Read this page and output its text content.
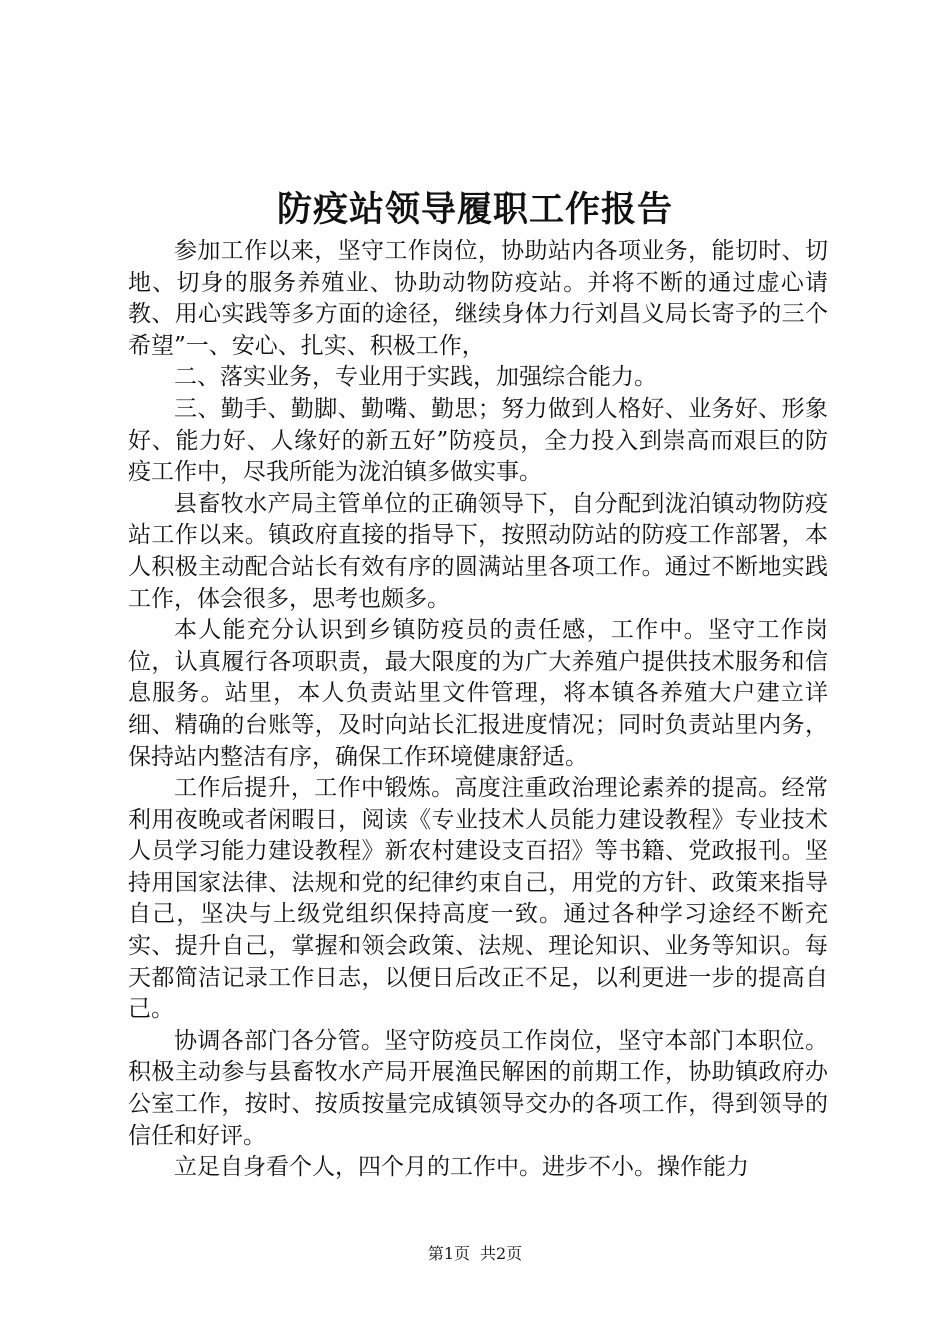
防疫站领导履职工作报告

参加工作以来，坚守工作岗位，协助站内各项业务，能切时、切地、切身的服务养殖业、协助动物防疫站。并将不断的通过虚心请教、用心实践等多方面的途径，继续身体力行刘昌义局长寄予的三个希望”一、安心、扎实、积极工作，

二、落实业务，专业用于实践，加强综合能力。

三、勤手、勤脚、勤嘴、勤思；努力做到人格好、业务好、形象好、能力好、人缘好的新五好”防疫员，全力投入到崇高而艰巨的防疫工作中，尽我所能为泷泊镇多做实事。

县畜牧水产局主管单位的正确领导下，自分配到泷泊镇动物防疫站工作以来。镇政府直接的指导下，按照动防站的防疫工作部署，本人积极主动配合站长有效有序的圆满站里各项工作。通过不断地实践工作，体会很多，思考也颇多。

本人能充分认识到乡镇防疫员的责任感，工作中。坚守工作岗位，认真履行各项职责，最大限度的为广大养殖户提供技术服务和信息服务。站里，本人负责站里文件管理，将本镇各养殖大户建立详细、精确的台账等，及时向站长汇报进度情况；同时负责站里内务，保持站内整洁有序，确保工作环境健康舒适。

工作后提升，工作中锻炼。高度注重政治理论素养的提高。经常利用夜晚或者闲暇日，阅读《专业技术人员能力建设教程》专业技术人员学习能力建设教程》新农村建设支百招》等书籍、党政报刊。坚持用国家法律、法规和党的纪律约束自己，用党的方针、政策来指导自己，坚决与上级党组织保持高度一致。通过各种学习途经不断充实、提升自己，掌握和领会政策、法规、理论知识、业务等知识。每天都简洁记录工作日志，以便日后改正不足，以利更进一步的提高自己。

协调各部门各分管。坚守防疫员工作岗位，坚守本部门本职位。积极主动参与县畜牧水产局开展渔民解困的前期工作，协助镇政府办公室工作，按时、按质按量完成镇领导交办的各项工作，得到领导的信任和好评。

立足自身看个人，四个月的工作中。进步不小。操作能力

第1页 共2页
